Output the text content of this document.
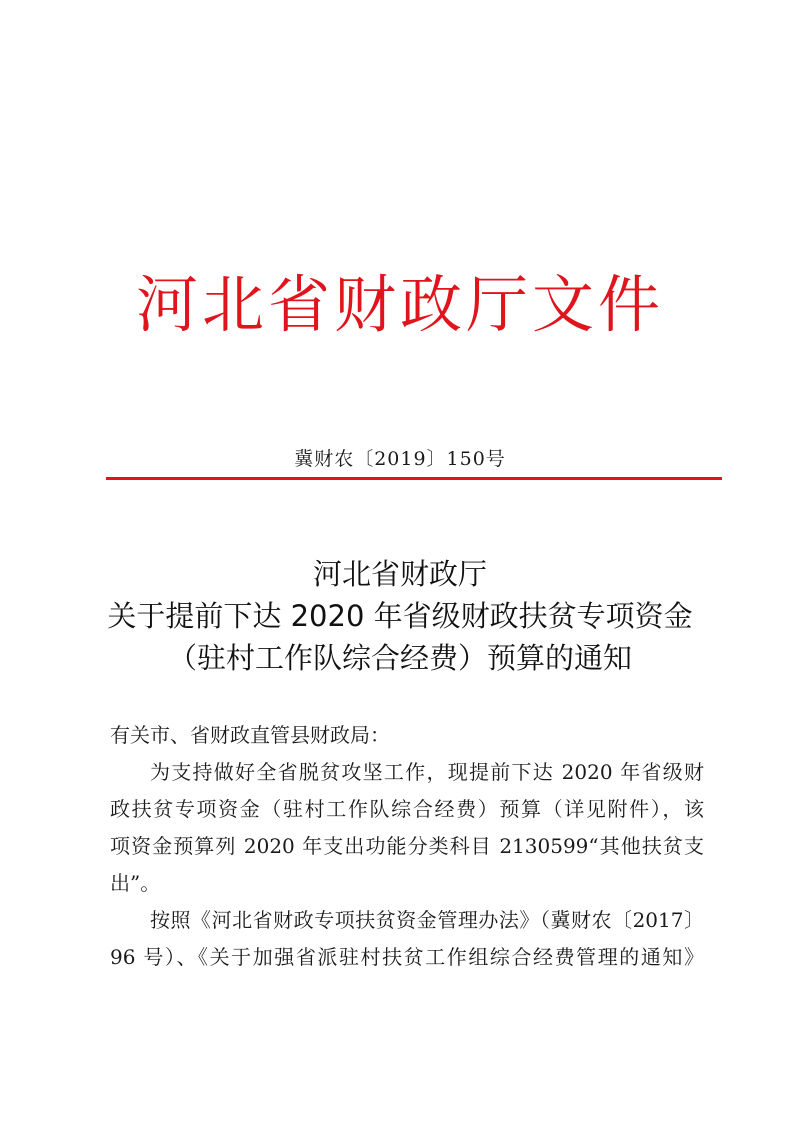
河北省财政厅文件
冀财农〔2019〕150号
河北省财政厅
关于提前下达 2020 年省级财政扶贫专项资金
（驻村工作队综合经费）预算的通知
有关市、省财政直管县财政局：
为支持做好全省脱贫攻坚工作，现提前下达 2020 年省级财
政扶贫专项资金（驻村工作队综合经费）预算（详见附件），该
项资金预算列 2020 年支出功能分类科目 2130599“其他扶贫支
出”。
按照《河北省财政专项扶贫资金管理办法》（冀财农〔2017〕
96 号）、《关于加强省派驻村扶贫工作组综合经费管理的通知》
